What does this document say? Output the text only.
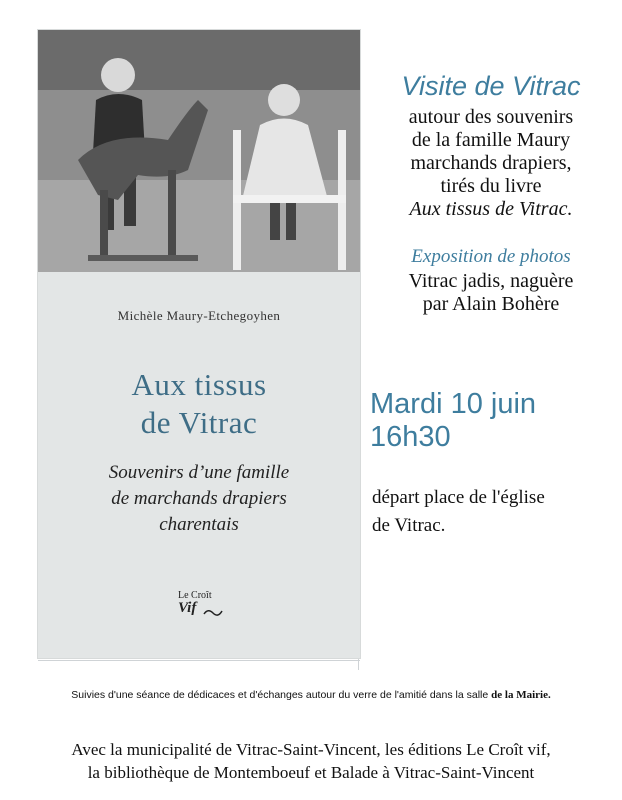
Michèle Maury-Etchegoyhen
Aux tissus
de Vitrac
Souvenirs d’une famille
de marchands drapiers
charentais
Le Croît
Vif
Visite de Vitrac
autour des souvenirs
de la famille Maury
marchands drapiers,
tirés du livre
Aux tissus de Vitrac.
Exposition de photos
Vitrac jadis, naguère
par Alain Bohère
Mardi 10 juin
16h30
départ place de l'église
de Vitrac.
Suivies d'une séance de dédicaces et d'échanges autour du verre de l'amitié dans la salle de la Mairie.
Avec la municipalité de Vitrac-Saint-Vincent, les éditions Le Croît vif,
la bibliothèque de Montemboeuf et Balade à Vitrac-Saint-Vincent
